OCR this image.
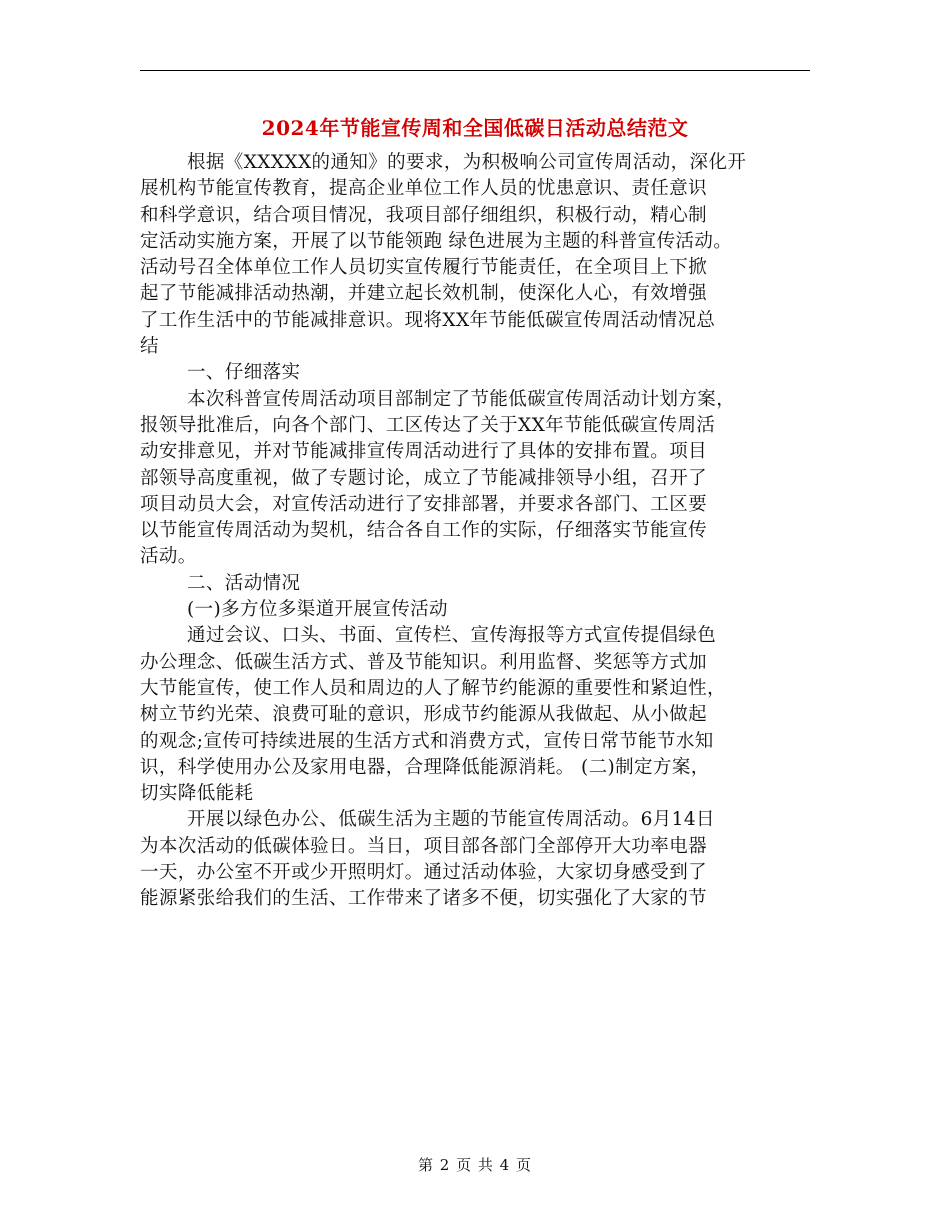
2024年节能宣传周和全国低碳日活动总结范文
根据《XXXXX的通知》的要求，为积极响公司宣传周活动，深化开
展机构节能宣传教育，提高企业单位工作人员的忧患意识、责任意识
和科学意识，结合项目情况，我项目部仔细组织，积极行动，精心制
定活动实施方案，开展了以节能领跑 绿色进展为主题的科普宣传活动。
活动号召全体单位工作人员切实宣传履行节能责任，在全项目上下掀
起了节能减排活动热潮，并建立起长效机制，使深化人心，有效增强
了工作生活中的节能减排意识。现将XX年节能低碳宣传周活动情况总
结
一、仔细落实
本次科普宣传周活动项目部制定了节能低碳宣传周活动计划方案，
报领导批准后，向各个部门、工区传达了关于XX年节能低碳宣传周活
动安排意见，并对节能减排宣传周活动进行了具体的安排布置。项目
部领导高度重视，做了专题讨论，成立了节能减排领导小组，召开了
项目动员大会，对宣传活动进行了安排部署，并要求各部门、工区要
以节能宣传周活动为契机，结合各自工作的实际，仔细落实节能宣传
活动。
二、活动情况
(一)多方位多渠道开展宣传活动
通过会议、口头、书面、宣传栏、宣传海报等方式宣传提倡绿色
办公理念、低碳生活方式、普及节能知识。利用监督、奖惩等方式加
大节能宣传，使工作人员和周边的人了解节约能源的重要性和紧迫性，
树立节约光荣、浪费可耻的意识，形成节约能源从我做起、从小做起
的观念;宣传可持续进展的生活方式和消费方式，宣传日常节能节水知
识，科学使用办公及家用电器，合理降低能源消耗。 (二)制定方案，
切实降低能耗
开展以绿色办公、低碳生活为主题的节能宣传周活动。6月14日
为本次活动的低碳体验日。当日，项目部各部门全部停开大功率电器
一天，办公室不开或少开照明灯。通过活动体验，大家切身感受到了
能源紧张给我们的生活、工作带来了诸多不便，切实强化了大家的节
第 2 页 共 4 页
